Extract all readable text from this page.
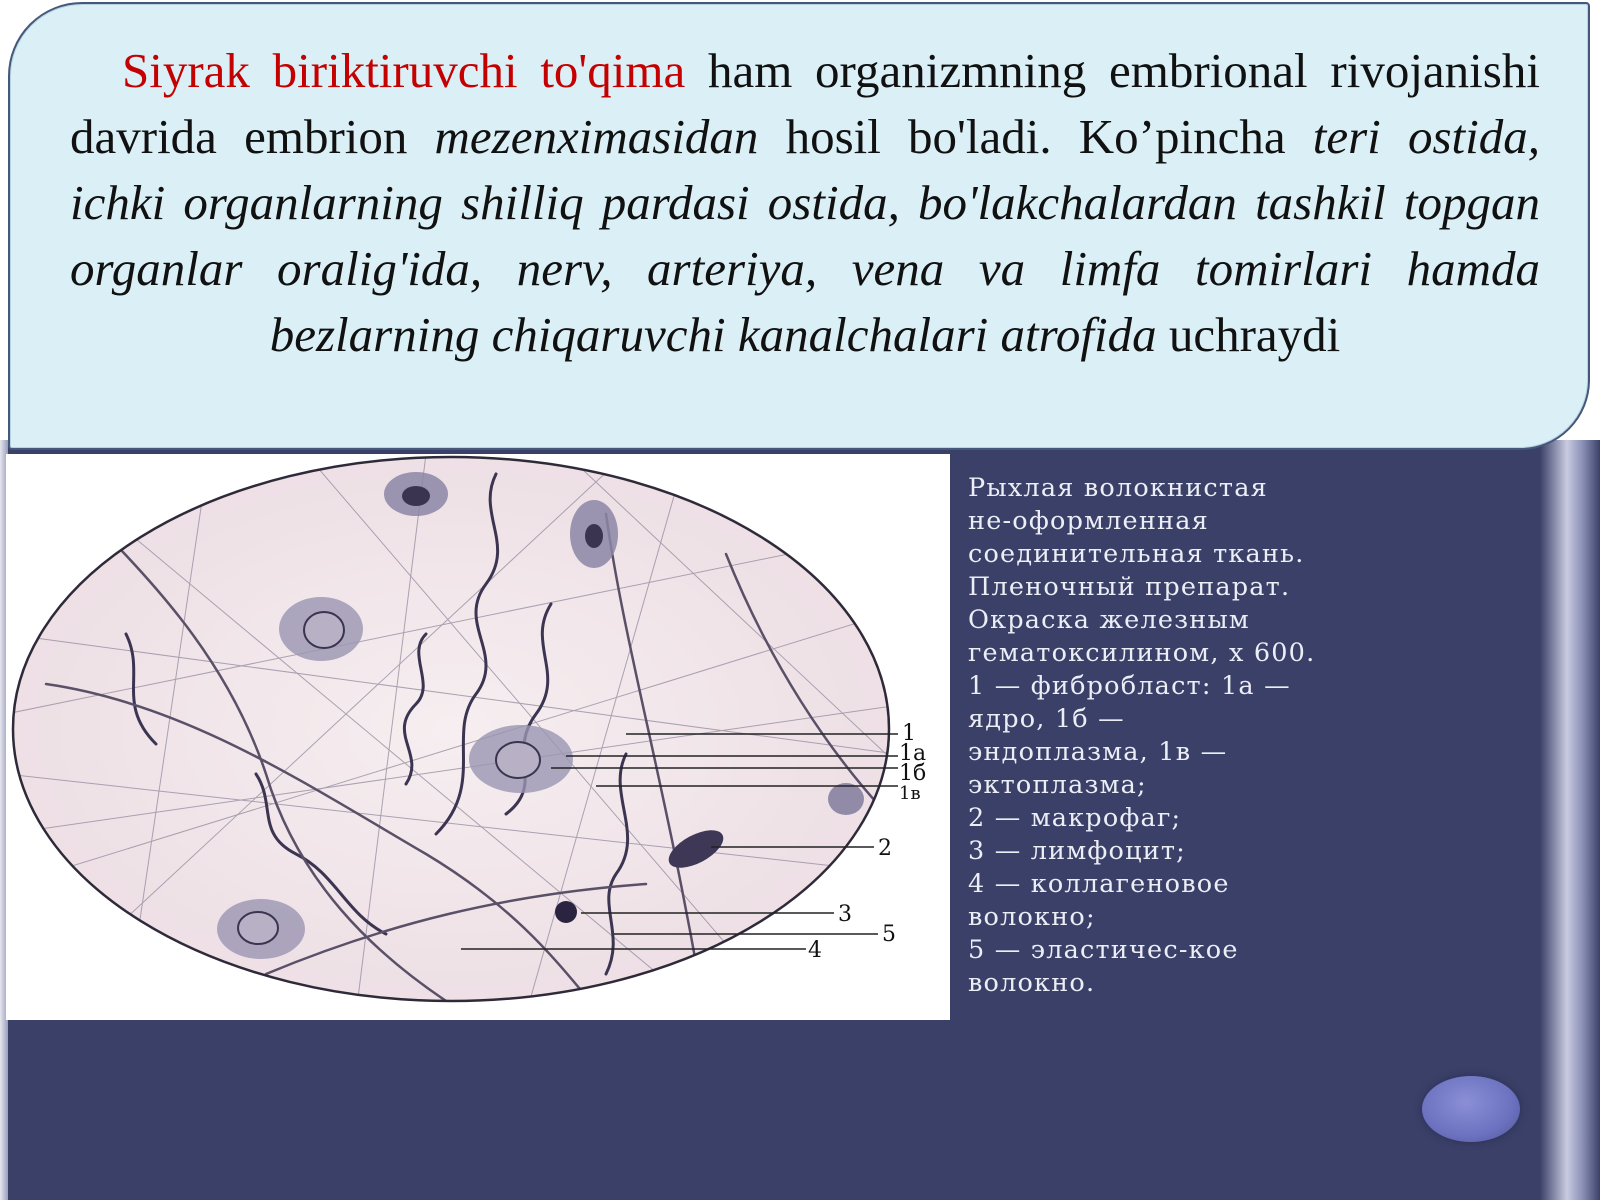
Siyrak biriktiruvchi to'qima ham organizmning embrional rivojanishi davrida embrion mezenximasidan hosil bo'ladi. Ko’pincha teri ostida, ichki organlarning shilliq pardasi ostida, bo'lakchalardan tashkil topgan organlar oralig'ida, nerv, arteriya, vena va limfa tomirlari hamda bezlarning chiqaruvchi kanalchalari atrofida uchraydi
1
1а
1б
1в
2
3
5
4
Рыхлая волокнистая
не-оформленная
соединительная ткань.
Пленочный препарат.
Окраска железным
гематоксилином, х 600.
1 — фибробласт: 1а —
ядро, 1б —
эндоплазма, 1в —
эктоплазма;
2 — макрофаг;
3 — лимфоцит;
4 — коллагеновое
волокно;
5 — эластичес-кое
волокно.
